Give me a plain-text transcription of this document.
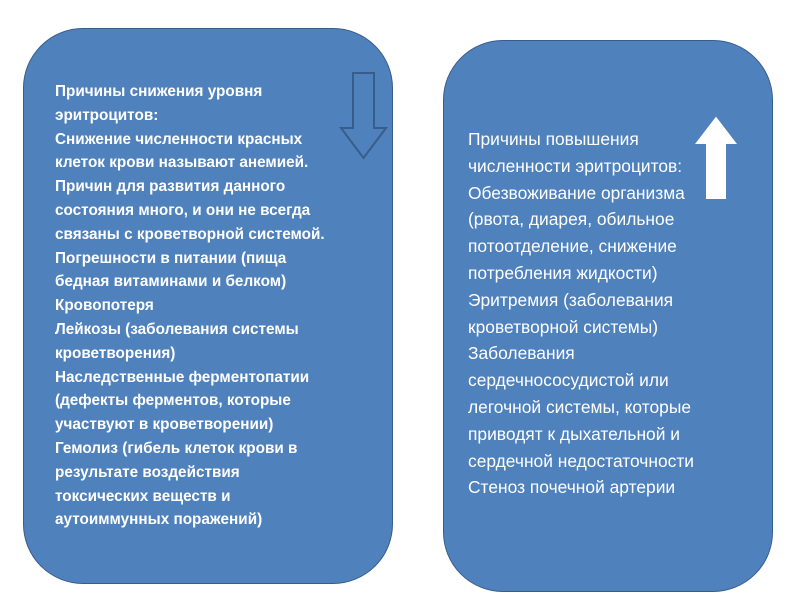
Причины снижения уровня
эритроцитов:
Снижение численности красных
клеток крови называют анемией.
Причин для развития данного
состояния много, и они не всегда
связаны с кроветворной системой.
Погрешности в питании (пища
бедная витаминами и белком)
Кровопотеря
Лейкозы (заболевания системы
кроветворения)
Наследственные ферментопатии
(дефекты ферментов, которые
участвуют в кроветворении)
Гемолиз (гибель клеток крови в
результате воздействия
токсических веществ и
аутоиммунных поражений)
Причины повышения
численности эритроцитов:
Обезвоживание организма
(рвота, диарея, обильное
потоотделение, снижение
потребления жидкости)
Эритремия (заболевания
кроветворной системы)
Заболевания
сердечнососудистой или
легочной системы, которые
приводят к дыхательной и
сердечной недостаточности
Стеноз почечной артерии
